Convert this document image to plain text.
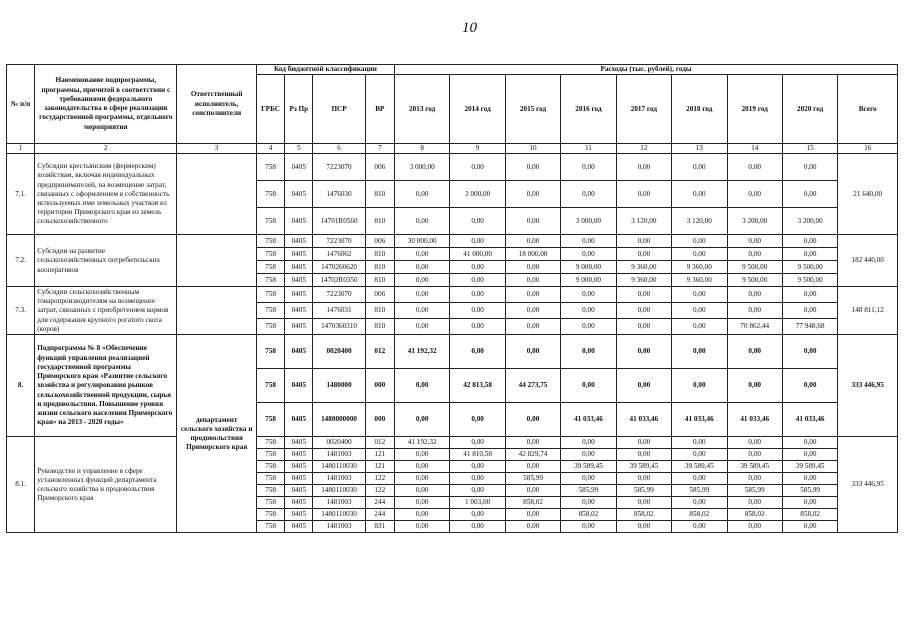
10
№ п/п	Наименование подпрограммы, программы, причитей в соответствии с требованиями федерального законодательства в сфере реализации государственной программы, отдельного мероприятия	Ответственный исполнитель, соисполнители	Код бюджетной классификации				Расходы (тыс. рублей), годы								
			ГРБС	Рз Пр	ПСР	ВР	2013 год	2014 год	2015 год	2016 год	2017 год	2018 год	2019 год	2020 год	Всего
1	2	3	4	5	6	7	8	9	10	11	12	13	14	15	16
7.1.	Субсидии крестьянским (фермерским) хозяйствам, включая индивидуальных предпринимателей, на возмещение затрат, связанных с оформлением в собственность используемых ими земельных участков из территории Приморского края из земель сельскохозяйственного		758	0405	7223070	006	3 000,00	0,00	0,00	0,00	0,00	0,00	0,00	0,00	21 640,00
			758	0405	1476030	810	0,00	3 000,00	0,00	0,00	0,00	0,00	0,00	0,00	
			758	0405	14701R0560	810	0,00	0,00	0,00	3 000,00	3 120,00	3 120,00	3 200,00	3 200,00	
7.2.	Субсидии на развитие сельскохозяйственных потребительских кооперативов		758	0405	7223070	006	30 000,00	0,00	0,00	0,00	0,00	0,00	0,00	0,00	182 440,00
			758	0405	1476062	810	0,00	41 000,00	18 000,00	0,00	0,00	0,00	0,00	0,00	
			758	0405	1470260620	810	0,00	0,00	0,00	9 000,00	9 360,00	9 360,00	9 500,00	9 500,00	
			758	0405	14702R0350	810	0,00	0,00	0,00	9 000,00	9 360,00	9 360,00	9 500,00	9 500,00	
7.3.	Субсидии сельскохозяйственным товаропроизводителям на возмещение затрат, связанных с приобретением кормов для содержания крупного рогатого скота (коров)		758	0405	7223070	006	0,00	0,00	0,00	0,00	0,00	0,00	0,00	0,00	148 811,12
			758	0405	1476031	810	0,00	0,00	0,00	0,00	0,00	0,00	0,00	0,00	
			758	0405	1470360310	810	0,00	0,00	0,00	0,00	0,00	0,00	70 862,44	77 948,68	
8.	Подпрограмма № 8 «Обеспечение функций управления реализацией государственной программы Приморского края «Развитие сельского хозяйства и регулирования рынков сельскохозяйственной продукции, сырья и продовольствия. Повышение уровня жизни сельского населения Приморского края» на 2013 - 2020 годы»	департамент сельского хозяйства и продовольствия Приморского края	758	0405	0020400	012	41 192,32	0,00	0,00	0,00	0,00	0,00	0,00	0,00	333 446,95
			758	0405	1480000	000	0,00	42 813,58	44 273,75	0,00	0,00	0,00	0,00	0,00	
			758	0405	1480000000	000	0,00	0,00	0,00	41 033,46	41 033,46	41 033,46	41 033,46	41 033,46	
8.1.	Руководство и управление в сфере установленных функций департамента сельского хозяйства и продовольствия Приморского края		758	0405	0020400	012	41 192,32	0,00	0,00	0,00	0,00	0,00	0,00	0,00	333 446,95
			758	0405	1481003	121	0,00	41 810,58	42 829,74	0,00	0,00	0,00	0,00	0,00	
			758	0405	1480110030	121	0,00	0,00	0,00	39 589,45	39 589,45	39 589,45	39 589,45	39 589,45	
			758	0405	1481003	122	0,00	0,00	585,99	0,00	0,00	0,00	0,00	0,00	
			758	0405	1480110030	122	0,00	0,00	0,00	585,99	585,99	585,99	585,99	585,99	
			758	0405	1481003	244	0,00	1 003,00	858,02	0,00	0,00	0,00	0,00	0,00	
			758	0405	1480110030	244	0,00	0,00	0,00	858,02	858,02	858,02	858,02	858,02	
			758	0405	1481003	831	0,00	0,00	0,00	0,00	0,00	0,00	0,00	0,00	
